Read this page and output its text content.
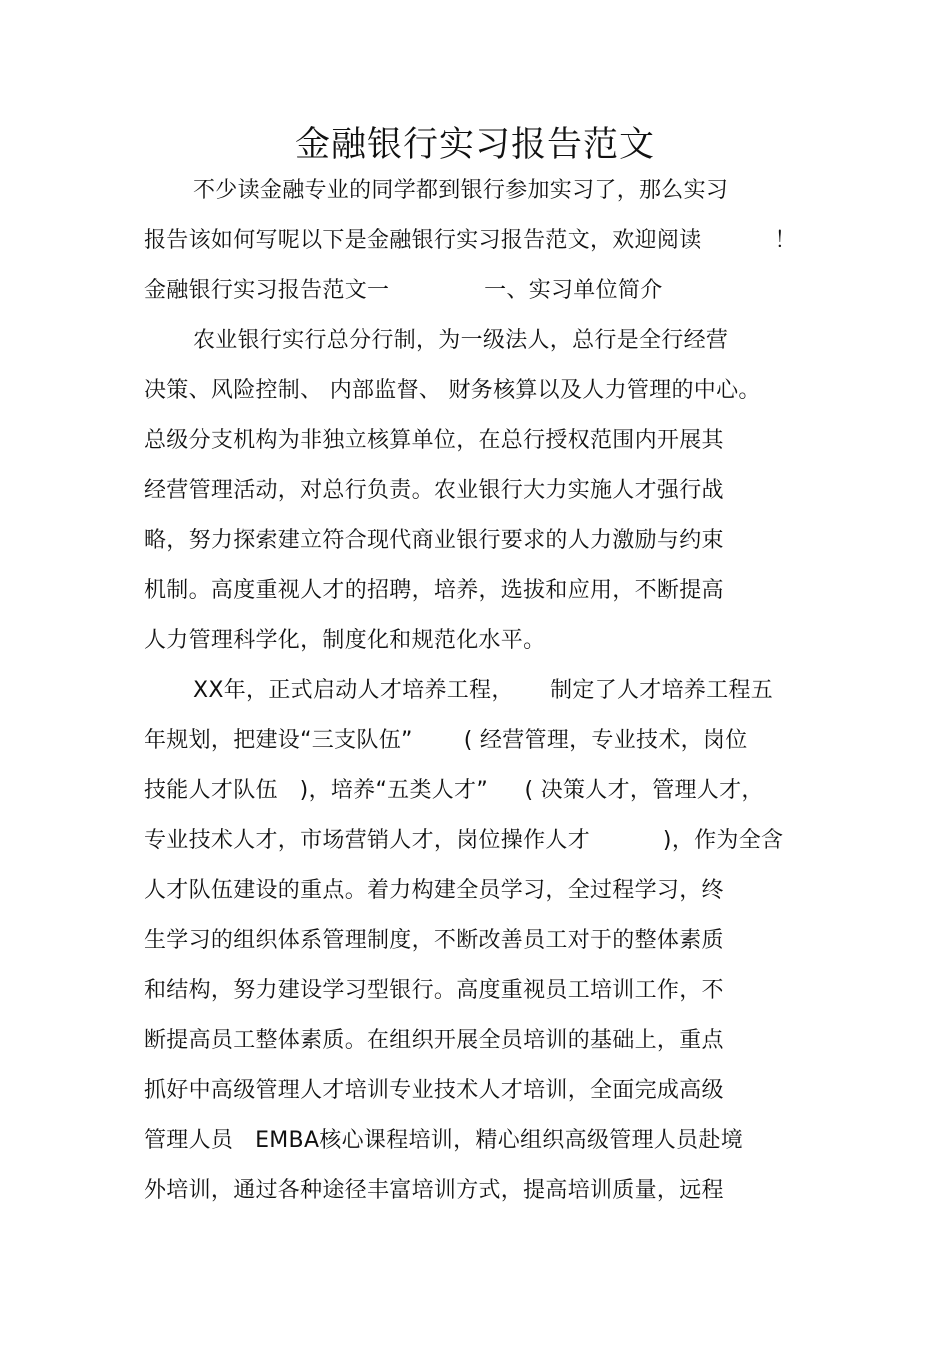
金融银行实习报告范文
不少读金融专业的同学都到银行参加实习了，那么实习
报告该如何写呢以下是金融银行实习报告范文，欢迎阅读          ！
金融银行实习报告范文一             一、实习单位简介
农业银行实行总分行制，为一级法人，总行是全行经营
决策、风险控制、 内部监督、 财务核算以及人力管理的中心。
总级分支机构为非独立核算单位，在总行授权范围内开展其
经营管理活动，对总行负责。农业银行大力实施人才强行战
略，努力探索建立符合现代商业银行要求的人力激励与约束
机制。高度重视人才的招聘，培养，选拔和应用，不断提高
人力管理科学化，制度化和规范化水平。
XX年，正式启动人才培养工程，     制定了人才培养工程五
年规划，把建设“三支队伍”       ( 经营管理，专业技术，岗位
技能人才队伍   )，培养“五类人才”     ( 决策人才，管理人才，
专业技术人才，市场营销人才，岗位操作人才          )，作为全含
人才队伍建设的重点。着力构建全员学习，全过程学习，终
生学习的组织体系管理制度，不断改善员工对于的整体素质
和结构，努力建设学习型银行。高度重视员工培训工作，不
断提高员工整体素质。在组织开展全员培训的基础上，重点
抓好中高级管理人才培训专业技术人才培训，全面完成高级
管理人员   EMBA核心课程培训，精心组织高级管理人员赴境
外培训，通过各种途径丰富培训方式，提高培训质量，远程
